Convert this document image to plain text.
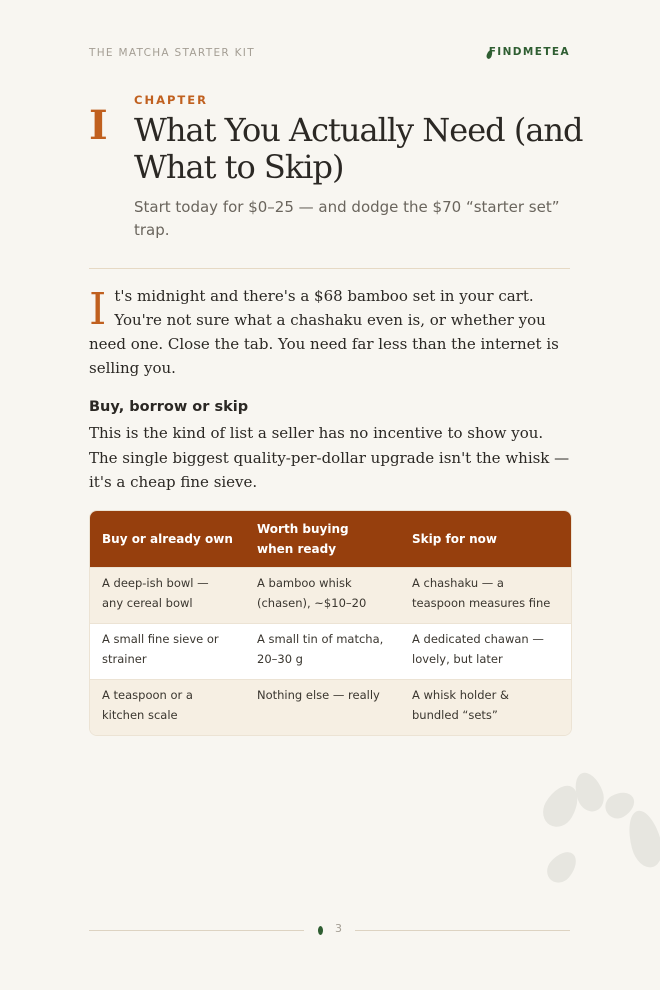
THE MATCHA STARTER KIT	FINDMETEA
I
CHAPTER
What You Actually Need (and What to Skip)
Start today for $0–25 — and dodge the $70 “starter set” trap.
I t's midnight and there's a $68 bamboo set in your cart. You're not sure what a chashaku even is, or whether you need one. Close the tab. You need far less than the internet is selling you.
Buy, borrow or skip
This is the kind of list a seller has no incentive to show you. The single biggest quality-per-dollar upgrade isn't the whisk — it's a cheap fine sieve.
Buy or already own
Worth buying when ready
Skip for now
A deep-ish bowl — any cereal bowl
A bamboo whisk (chasen), ~$10–20
A chashaku — a teaspoon measures fine
A small fine sieve or strainer
A small tin of matcha, 20–30 g
A dedicated chawan — lovely, but later
A teaspoon or a kitchen scale
Nothing else — really	A whisk holder & bundled “sets”
3
